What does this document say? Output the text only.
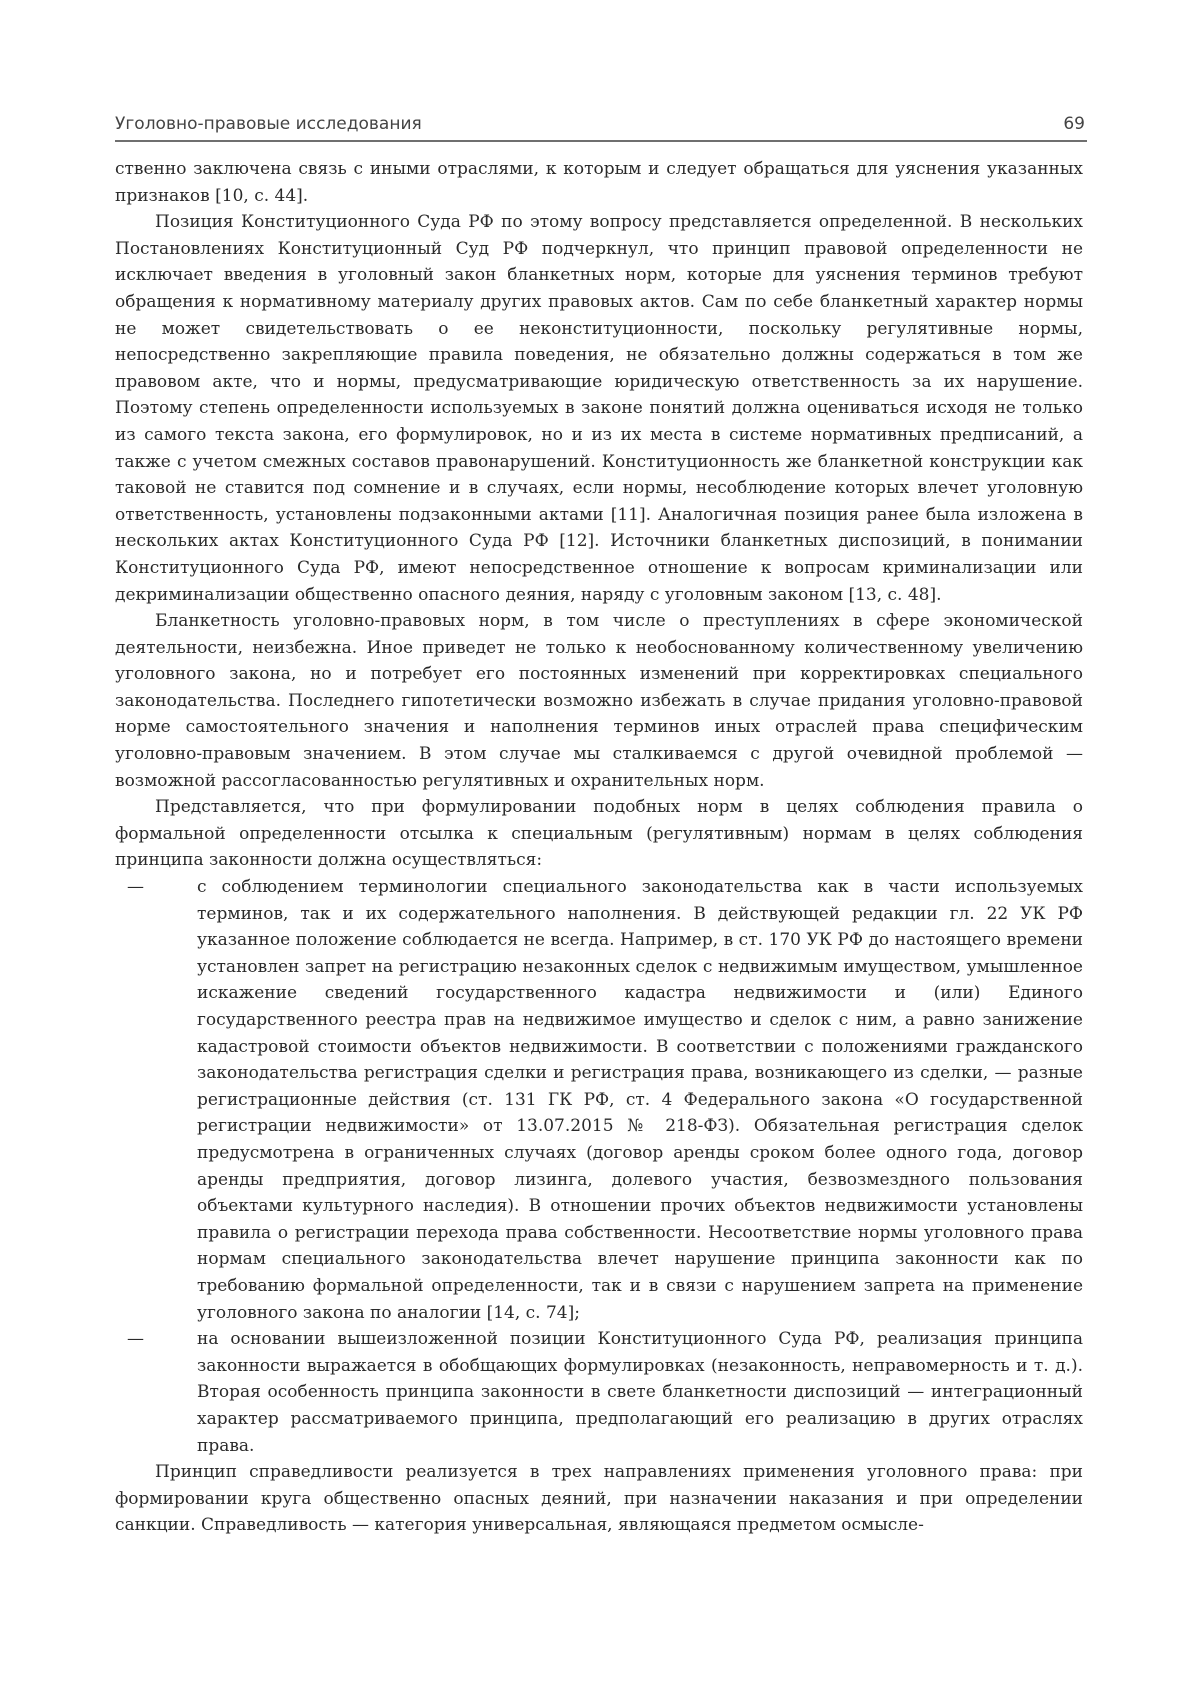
Уголовно-правовые исследования	69

ственно заключена связь с иными отраслями, к которым и следует обращаться для уяснения указанных признаков [10, с. 44].

Позиция Конституционного Суда РФ по этому вопросу представляется определенной. В нескольких Постановлениях Конституционный Суд РФ подчеркнул, что принцип правовой определенности не исключает введения в уголовный закон бланкетных норм, которые для уяснения терминов требуют обращения к нормативному материалу других правовых актов. Сам по себе бланкетный характер нормы не может свидетельствовать о ее неконституционности, поскольку регулятивные нормы, непосредственно закрепляющие правила поведения, не обязательно должны содержаться в том же правовом акте, что и нормы, предусматривающие юридическую ответственность за их нарушение. Поэтому степень определенности используемых в законе понятий должна оцениваться исходя не только из самого текста закона, его формулировок, но и из их места в системе нормативных предписаний, а также с учетом смежных составов правонарушений. Конституционность же бланкетной конструкции как таковой не ставится под сомнение и в случаях, если нормы, несоблюдение которых влечет уголовную ответственность, установлены подзаконными актами [11]. Аналогичная позиция ранее была изложена в нескольких актах Конституционного Суда РФ [12]. Источники бланкетных диспозиций, в понимании Конституционного Суда РФ, имеют непосредственное отношение к вопросам криминализации или декриминализации общественно опасного деяния, наряду с уголовным законом [13, с. 48].

Бланкетность уголовно-правовых норм, в том числе о преступлениях в сфере экономической деятельности, неизбежна. Иное приведет не только к необоснованному количественному увеличению уголовного закона, но и потребует его постоянных изменений при корректировках специального законодательства. Последнего гипотетически возможно избежать в случае придания уголовно-правовой норме самостоятельного значения и наполнения терминов иных отраслей права специфическим уголовно-правовым значением. В этом случае мы сталкиваемся с другой очевидной проблемой — возможной рассогласованностью регулятивных и охранительных норм.

Представляется, что при формулировании подобных норм в целях соблюдения правила о формальной определенности отсылка к специальным (регулятивным) нормам в целях соблюдения принципа законности должна осуществляться:

—	с соблюдением терминологии специального законодательства как в части используемых терминов, так и их содержательного наполнения. В действующей редакции гл. 22 УК РФ указанное положение соблюдается не всегда. Например, в ст. 170 УК РФ до настоящего времени установлен запрет на регистрацию незаконных сделок с недвижимым имуществом, умышленное искажение сведений государственного кадастра недвижимости и (или) Единого государственного реестра прав на недвижимое имущество и сделок с ним, а равно занижение кадастровой стоимости объектов недвижимости. В соответствии с положениями гражданского законодательства регистрация сделки и регистрация права, возникающего из сделки, — разные регистрационные действия (ст. 131 ГК РФ, ст. 4 Федерального закона «О государственной регистрации недвижимости» от 13.07.2015 № 218-ФЗ). Обязательная регистрация сделок предусмотрена в ограниченных случаях (договор аренды сроком более одного года, договор аренды предприятия, договор лизинга, долевого участия, безвозмездного пользования объектами культурного наследия). В отношении прочих объектов недвижимости установлены правила о регистрации перехода права собственности. Несоответствие нормы уголовного права нормам специального законодательства влечет нарушение принципа законности как по требованию формальной определенности, так и в связи с нарушением запрета на применение уголовного закона по аналогии [14, с. 74];
—	на основании вышеизложенной позиции Конституционного Суда РФ, реализация принципа законности выражается в обобщающих формулировках (незаконность, неправомерность и т. д.). Вторая особенность принципа законности в свете бланкетности диспозиций — интеграционный характер рассматриваемого принципа, предполагающий его реализацию в других отраслях права.

Принцип справедливости реализуется в трех направлениях применения уголовного права: при формировании круга общественно опасных деяний, при назначении наказания и при определении санкции. Справедливость — категория универсальная, являющаяся предметом осмысле-
